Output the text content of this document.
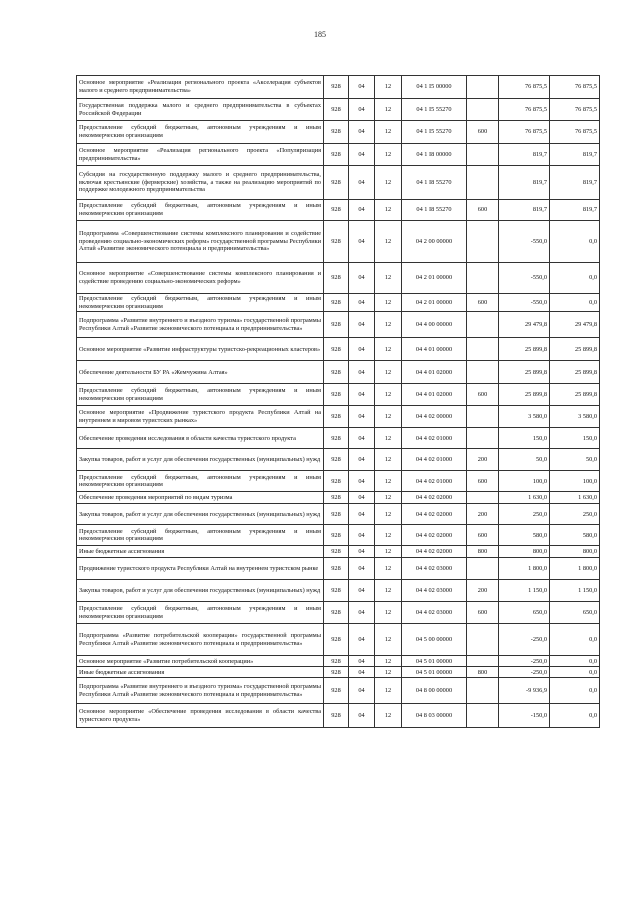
185
Основное мероприятие «Реализация регионального проекта «Акселерация субъектов малого и среднего предпринимательства»	928	04	12	04 1 I5 00000		76 875,5	76 875,5
Государственная поддержка малого и среднего предпринимательства в субъектах Российской Федерации	928	04	12	04 1 I5 55270		76 875,5	76 875,5
Предоставление субсидий бюджетным, автономным учреждениям и иным некоммерческим организациям	928	04	12	04 1 I5 55270	600	76 875,5	76 875,5
Основное мероприятие «Реализация регионального проекта «Популяризация предпринимательства»	928	04	12	04 1 I8 00000		819,7	819,7
Субсидия на государственную поддержку малого и среднего предпринимательства, включая крестьянские (фермерские) хозяйства, а также на реализацию мероприятий по поддержке молодежного предпринимательства	928	04	12	04 1 I8 55270		819,7	819,7
Предоставление субсидий бюджетным, автономным учреждениям и иным некоммерческим организациям	928	04	12	04 1 I8 55270	600	819,7	819,7
Подпрограмма «Совершенствование системы комплексного планирования и содействие проведению социально-экономических реформ» государственной программы Республики Алтай «Развитие экономического потенциала и предпринимательства»	928	04	12	04 2 00 00000		-550,0	0,0
Основное мероприятие «Совершенствование системы комплексного планирования и содействие проведению социально-экономических реформ»	928	04	12	04 2 01 00000		-550,0	0,0
Предоставление субсидий бюджетным, автономным учреждениям и иным некоммерческим организациям	928	04	12	04 2 01 00000	600	-550,0	0,0
Подпрограмма «Развитие внутреннего и въездного туризма» государственной программы Республики Алтай «Развитие экономического потенциала и предпринимательства»	928	04	12	04 4 00 00000		29 479,8	29 479,8
Основное мероприятие «Развитие инфраструктуры туристско-рекреационных кластеров»	928	04	12	04 4 01 00000		25 899,8	25 899,8
Обеспечение деятельности БУ РА «Жемчужина Алтая»	928	04	12	04 4 01 02000		25 899,8	25 899,8
Предоставление субсидий бюджетным, автономным учреждениям и иным некоммерческим организациям	928	04	12	04 4 01 02000	600	25 899,8	25 899,8
Основное мероприятие «Продвижение туристского продукта Республики Алтай на внутреннем и мировом туристских рынках»	928	04	12	04 4 02 00000		3 580,0	3 580,0
Обеспечение проведения исследования в области качества туристского продукта	928	04	12	04 4 02 01000		150,0	150,0
Закупка товаров, работ и услуг для обеспечения государственных (муниципальных) нужд	928	04	12	04 4 02 01000	200	50,0	50,0
Предоставление субсидий бюджетным, автономным учреждениям и иным некоммерческим организациям	928	04	12	04 4 02 01000	600	100,0	100,0
Обеспечение проведения мероприятий по видам туризма	928	04	12	04 4 02 02000		1 630,0	1 630,0
Закупка товаров, работ и услуг для обеспечения государственных (муниципальных) нужд	928	04	12	04 4 02 02000	200	250,0	250,0
Предоставление субсидий бюджетным, автономным учреждениям и иным некоммерческим организациям	928	04	12	04 4 02 02000	600	580,0	580,0
Иные бюджетные ассигнования	928	04	12	04 4 02 02000	800	800,0	800,0
Продвижение туристского продукта Республики Алтай на внутреннем туристском рынке	928	04	12	04 4 02 03000		1 800,0	1 800,0
Закупка товаров, работ и услуг для обеспечения государственных (муниципальных) нужд	928	04	12	04 4 02 03000	200	1 150,0	1 150,0
Предоставление субсидий бюджетным, автономным учреждениям и иным некоммерческим организациям	928	04	12	04 4 02 03000	600	650,0	650,0
Подпрограмма «Развитие потребительской кооперации» государственной программы Республики Алтай «Развитие экономического потенциала и предпринимательства»	928	04	12	04 5 00 00000		-250,0	0,0
Основное мероприятие «Развитие потребительской кооперации»	928	04	12	04 5 01 00000		-250,0	0,0
Иные бюджетные ассигнования	928	04	12	04 5 01 00000	800	-250,0	0,0
Подпрограмма «Развитие внутреннего и въездного туризма» государственной программы Республики Алтай «Развитие экономического потенциала и предпринимательства»	928	04	12	04 8 00 00000		-9 936,9	0,0
Основное мероприятие «Обеспечение проведения исследования в области качества туристского продукта»	928	04	12	04 8 03 00000		-150,0	0,0
